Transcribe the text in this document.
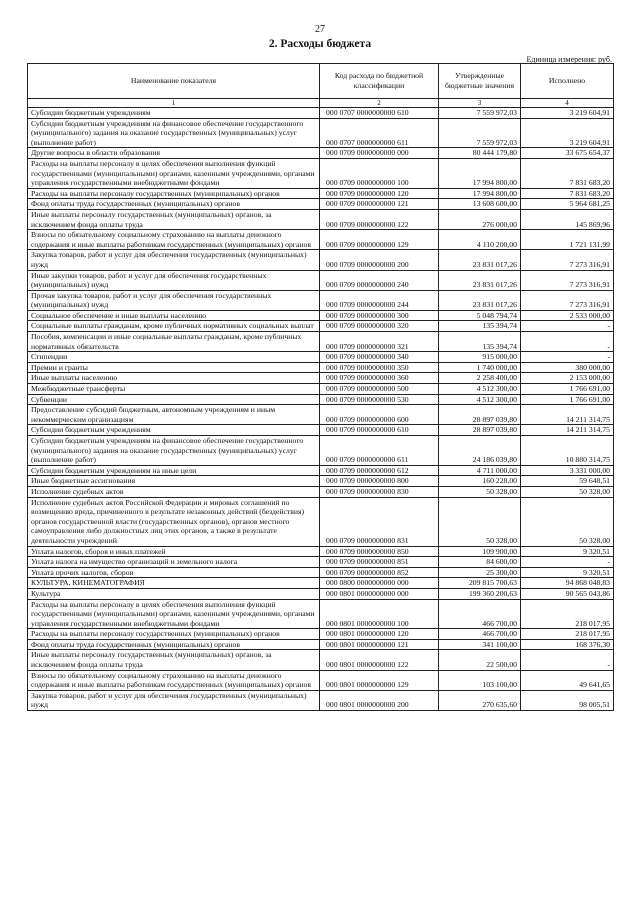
27
2. Расходы бюджета
Единица измерения: руб.
Наименование показателя	Код расхода по бюджетной классификации	Утвержденные бюджетные значения	Исполнено
1	2	3	4
Субсидии бюджетным учреждениям	000 0707 0000000000 610	7 559 972,03	3 219 604,91
Субсидии бюджетным учреждениям на финансовое обеспечение государственного (муниципального) задания на оказание государственных (муниципальных) услуг (выполнение работ)	000 0707 0000000000 611	7 559 972,03	3 219 604,91
Другие вопросы в области образования	000 0709 0000000000 000	80 444 179,80	33 675 654,37
Расходы на выплаты персоналу в целях обеспечения выполнения функций государственными (муниципальными) органами, казенными учреждениями, органами управления государственными внебюджетными фондами	000 0709 0000000000 100	17 994 800,00	7 831 683,20
Расходы на выплаты персоналу государственных (муниципальных) органов	000 0709 0000000000 120	17 994 800,00	7 831 683,20
Фонд оплаты труда государственных (муниципальных) органов	000 0709 0000000000 121	13 608 600,00	5 964 681,25
Иные выплаты персоналу государственных (муниципальных) органов, за исключением фонда оплаты труда	000 0709 0000000000 122	276 000,00	145 869,96
Взносы по обязательному социальному страхованию на выплаты денежного содержания и иные выплаты работникам государственных (муниципальных) органов	000 0709 0000000000 129	4 110 200,00	1 721 131,99
Закупка товаров, работ и услуг для обеспечения государственных (муниципальных) нужд	000 0709 0000000000 200	23 831 017,26	7 273 316,91
Иные закупки товаров, работ и услуг для обеспечения государственных (муниципальных) нужд	000 0709 0000000000 240	23 831 017,26	7 273 316,91
Прочая закупка товаров, работ и услуг для обеспечения государственных (муниципальных) нужд	000 0709 0000000000 244	23 831 017,26	7 273 316,91
Социальное обеспечение и иные выплаты населению	000 0709 0000000000 300	5 048 794,74	2 533 000,00
Социальные выплаты гражданам, кроме публичных нормативных социальных выплат	000 0709 0000000000 320	135 394,74	-
Пособия, компенсации и иные социальные выплаты гражданам, кроме публичных нормативных обязательств	000 0709 0000000000 321	135 394,74	-
Стипендии	000 0709 0000000000 340	915 000,00	-
Премии и гранты	000 0709 0000000000 350	1 740 000,00	380 000,00
Иные выплаты населению	000 0709 0000000000 360	2 258 400,00	2 153 000,00
Межбюджетные трансферты	000 0709 0000000000 500	4 512 300,00	1 766 691,00
Субвенции	000 0709 0000000000 530	4 512 300,00	1 766 691,00
Предоставление субсидий бюджетным, автономным учреждениям и иным некоммерческим организациям	000 0709 0000000000 600	28 897 039,80	14 211 314,75
Субсидии бюджетным учреждениям	000 0709 0000000000 610	28 897 039,80	14 211 314,75
Субсидии бюджетным учреждениям на финансовое обеспечение государственного (муниципального) задания на оказание государственных (муниципальных) услуг (выполнение работ)	000 0709 0000000000 611	24 186 039,80	10 880 314,75
Субсидии бюджетным учреждениям на иные цели	000 0709 0000000000 612	4 711 000,00	3 331 000,00
Иные бюджетные ассигнования	000 0709 0000000000 800	160 228,00	59 648,51
Исполнение судебных актов	000 0709 0000000000 830	50 328,00	50 328,00
Исполнение судебных актов Российской Федерации и мировых соглашений по возмещению вреда, причиненного в результате незаконных действий (бездействия) органов государственной власти (государственных органов), органов местного самоуправления либо должностных лиц этих органов, а также в результате деятельности учреждений	000 0709 0000000000 831	50 328,00	50 328,00
Уплата налогов, сборов и иных платежей	000 0709 0000000000 850	109 900,00	9 320,51
Уплата налога на имущество организаций и земельного налога	000 0709 0000000000 851	84 600,00	-
Уплата прочих налогов, сборов	000 0709 0000000000 852	25 300,00	9 320,51
КУЛЬТУРА, КИНЕМАТОГРАФИЯ	000 0800 0000000000 000	209 815 700,63	94 868 048,83
Культура	000 0801 0000000000 000	199 360 200,63	90 565 043,86
Расходы на выплаты персоналу в целях обеспечения выполнения функций государственными (муниципальными) органами, казенными учреждениями, органами управления государственными внебюджетными фондами	000 0801 0000000000 100	466 700,00	218 017,95
Расходы на выплаты персоналу государственных (муниципальных) органов	000 0801 0000000000 120	466 700,00	218 017,95
Фонд оплаты труда государственных (муниципальных) органов	000 0801 0000000000 121	341 100,00	168 376,30
Иные выплаты персоналу государственных (муниципальных) органов, за исключением фонда оплаты труда	000 0801 0000000000 122	22 500,00	-
Взносы по обязательному социальному страхованию на выплаты денежного содержания и иные выплаты работникам государственных (муниципальных) органов	000 0801 0000000000 129	103 100,00	49 641,65
Закупка товаров, работ и услуг для обеспечения государственных (муниципальных) нужд	000 0801 0000000000 200	270 635,60	98 005,51
